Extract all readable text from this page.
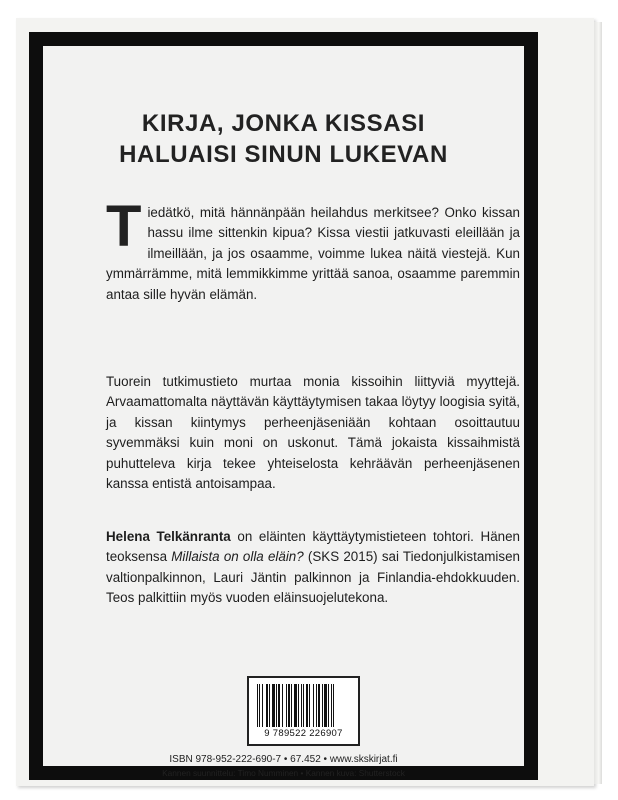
KIRJA, JONKA KISSASI
HALUAISI SINUN LUKEVAN
Tiedätkö, mitä hännänpään heilahdus merkitsee? Onko kissan hassu ilme sittenkin kipua? Kissa viestii jatkuvasti eleillään ja ilmeillään, ja jos osaamme, voimme lukea näitä viestejä. Kun ymmärrämme, mitä lemmikkimme yrittää sanoa, osaamme paremmin antaa sille hyvän elämän.
Tuorein tutkimustieto murtaa monia kissoihin liittyviä myyttejä. Arvaamattomalta näyttävän käyttäytymisen takaa löytyy loogisia syitä, ja kissan kiintymys perheenjäseniään kohtaan osoittautuu syvemmäksi kuin moni on uskonut. Tämä jokaista kissaihmistä puhutteleva kirja tekee yhteiselosta kehräävän perheenjäsenen kanssa entistä antoisampaa.
Helena Telkänranta on eläinten käyttäytymistieteen tohtori. Hänen teoksensa Millaista on olla eläin? (SKS 2015) sai Tiedonjulkistamisen valtionpalkinnon, Lauri Jäntin palkinnon ja Finlandia-ehdokkuuden. Teos palkittiin myös vuoden eläinsuojelutekona.
9 789522 226907
ISBN 978-952-222-690-7 • 67.452 • www.skskirjat.fi
Kannen suunnittelu: Timo Numminen • Kannen kuva: Shutterstock
